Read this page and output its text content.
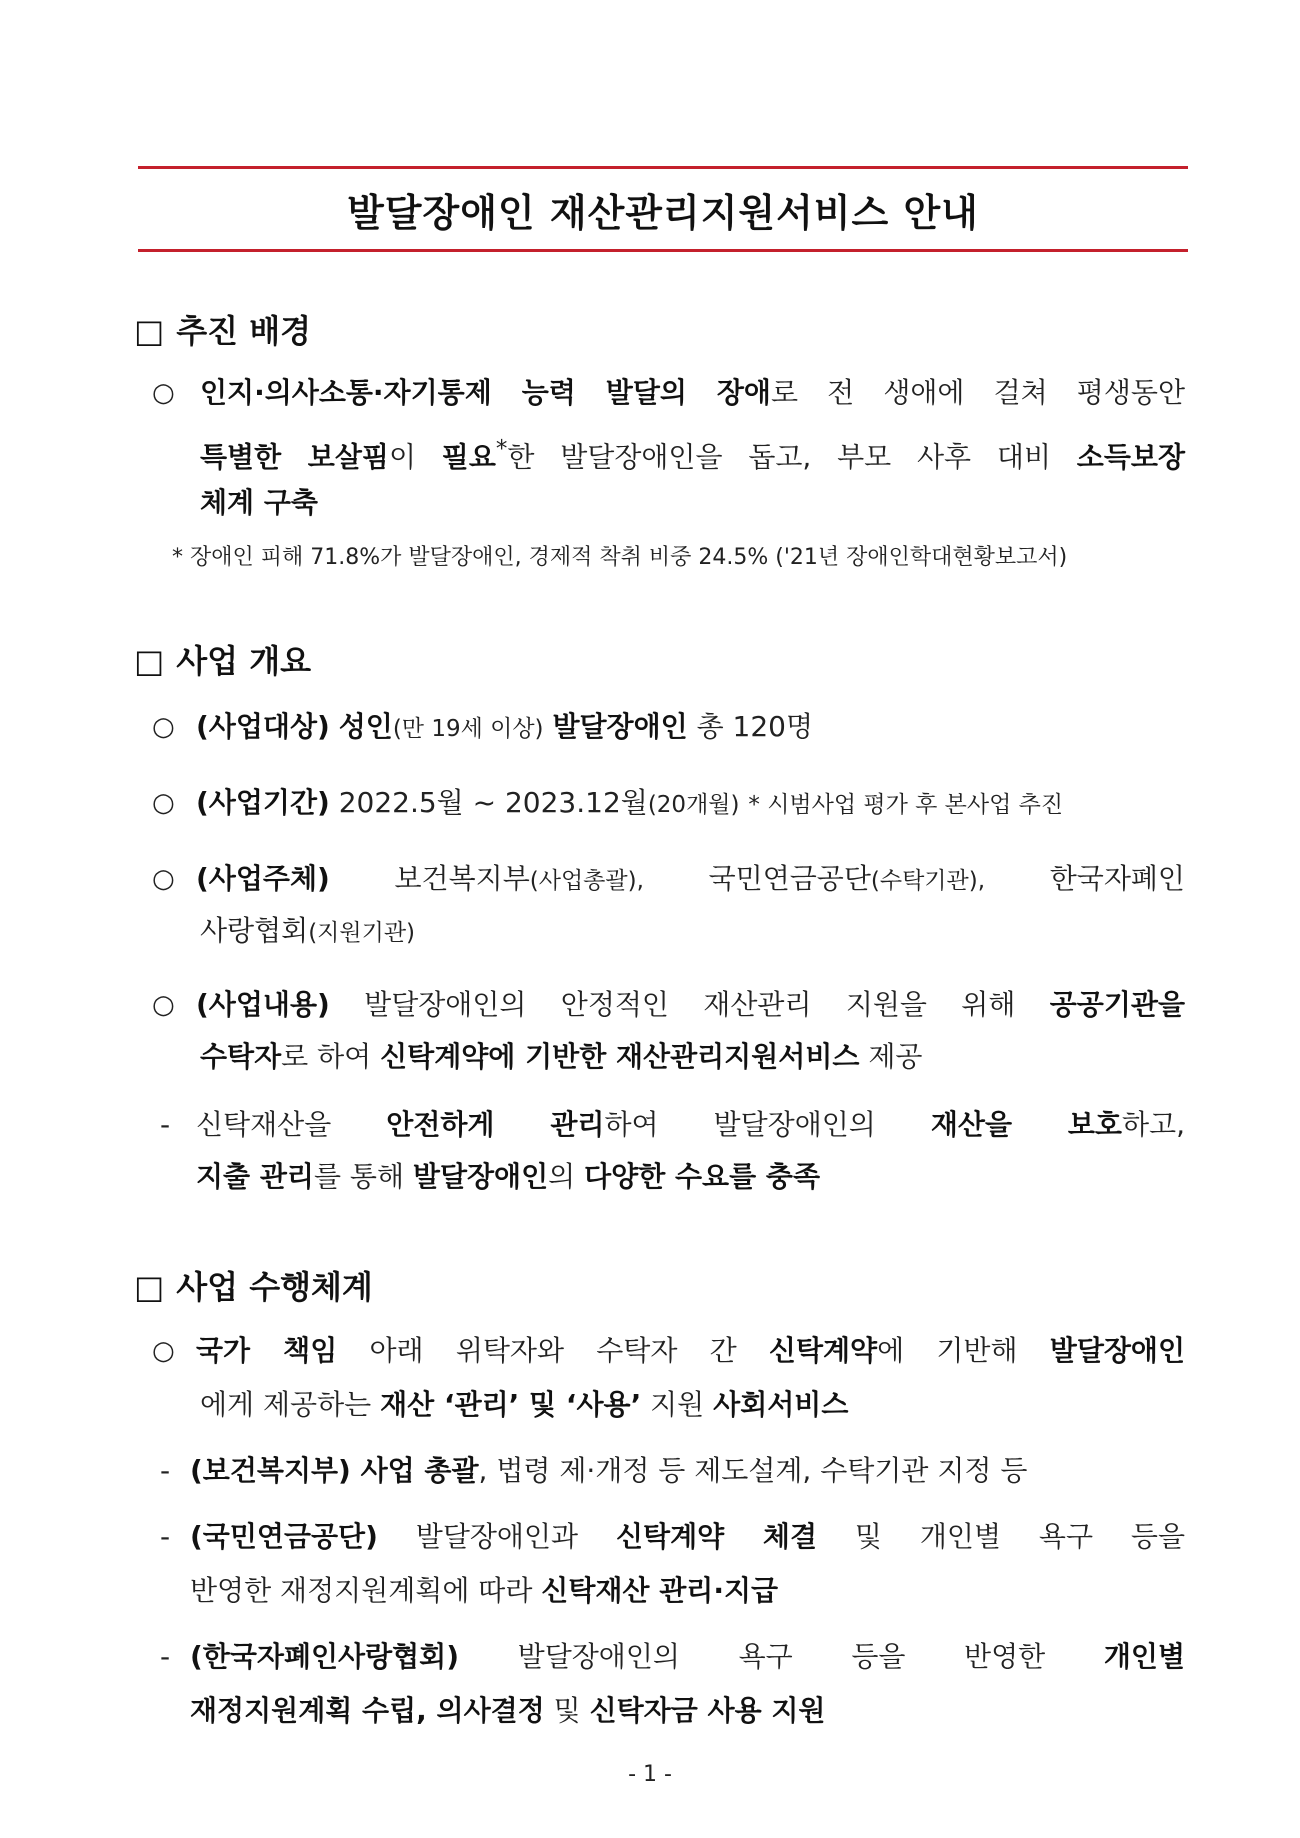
발달장애인 재산관리지원서비스 안내
□ 추진 배경
○ 인지·의사소통·자기통제 능력 발달의 장애로 전 생애에 걸쳐 평생동안
특별한 보살핌이 필요*한 발달장애인을 돕고, 부모 사후 대비 소득보장
체계 구축
* 장애인 피해 71.8%가 발달장애인, 경제적 착취 비중 24.5% ('21년 장애인학대현황보고서)
□ 사업 개요
○ (사업대상) 성인(만 19세 이상) 발달장애인 총 120명
○ (사업기간) 2022.5월 ~ 2023.12월(20개월) * 시범사업 평가 후 본사업 추진
○ (사업주체) 보건복지부(사업총괄), 국민연금공단(수탁기관), 한국자폐인
사랑협회(지원기관)
○ (사업내용) 발달장애인의 안정적인 재산관리 지원을 위해 공공기관을
수탁자로 하여 신탁계약에 기반한 재산관리지원서비스 제공
- 신탁재산을 안전하게 관리하여 발달장애인의 재산을 보호하고,
지출 관리를 통해 발달장애인의 다양한 수요를 충족
□ 사업 수행체계
○ 국가 책임 아래 위탁자와 수탁자 간 신탁계약에 기반해 발달장애인
에게 제공하는 재산 ‘관리’ 및 ‘사용’ 지원 사회서비스
- (보건복지부) 사업 총괄, 법령 제·개정 등 제도설계, 수탁기관 지정 등
- (국민연금공단) 발달장애인과 신탁계약 체결 및 개인별 욕구 등을
반영한 재정지원계획에 따라 신탁재산 관리·지급
- (한국자폐인사랑협회) 발달장애인의 욕구 등을 반영한 개인별
재정지원계획 수립, 의사결정 및 신탁자금 사용 지원
- 1 -
